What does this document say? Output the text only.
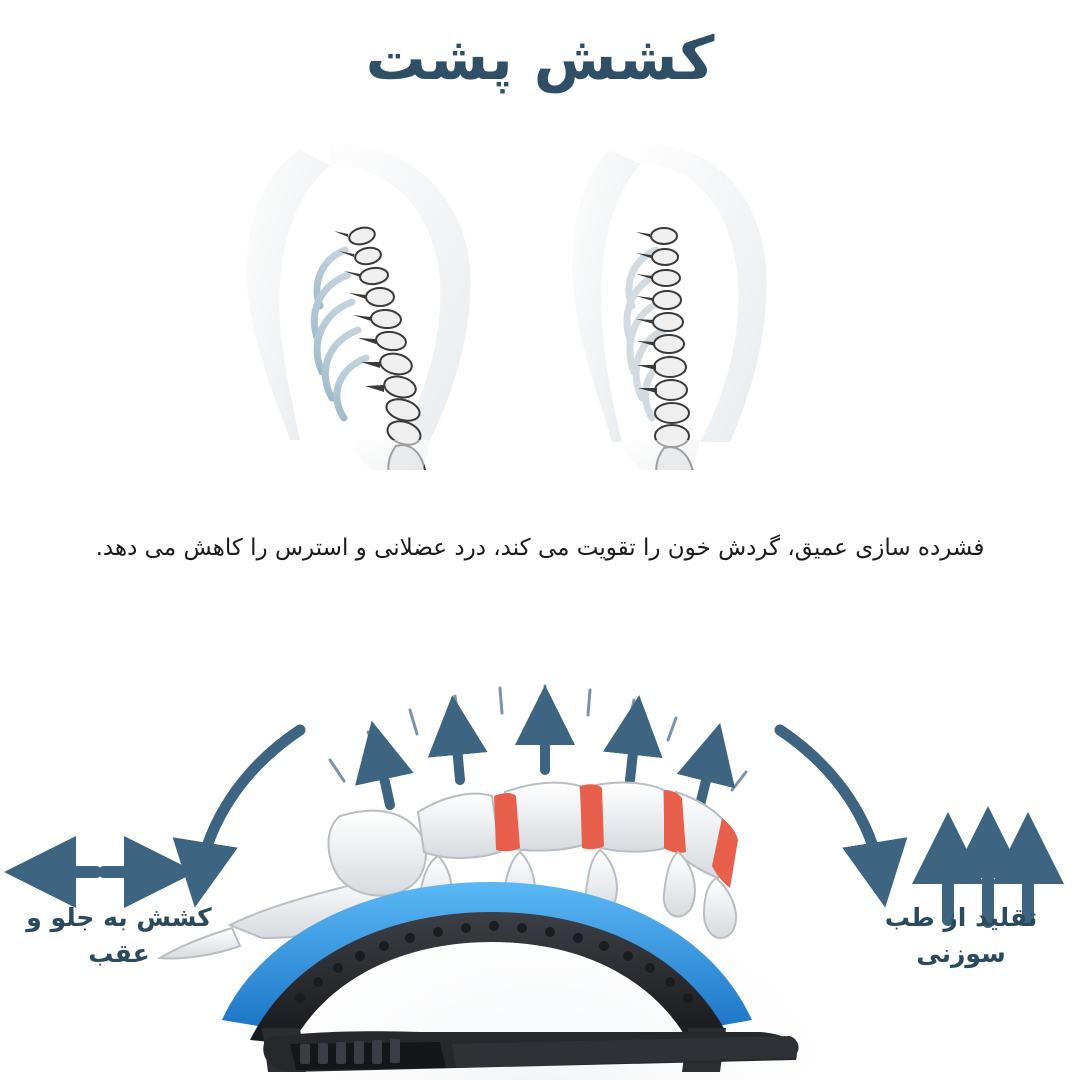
کشش پشت
فشرده سازی عمیق، گردش خون را تقویت می کند، درد عضلانی و استرس را کاهش می دهد.
کشش به جلو و عقب
تقلید از طب سوزنی
